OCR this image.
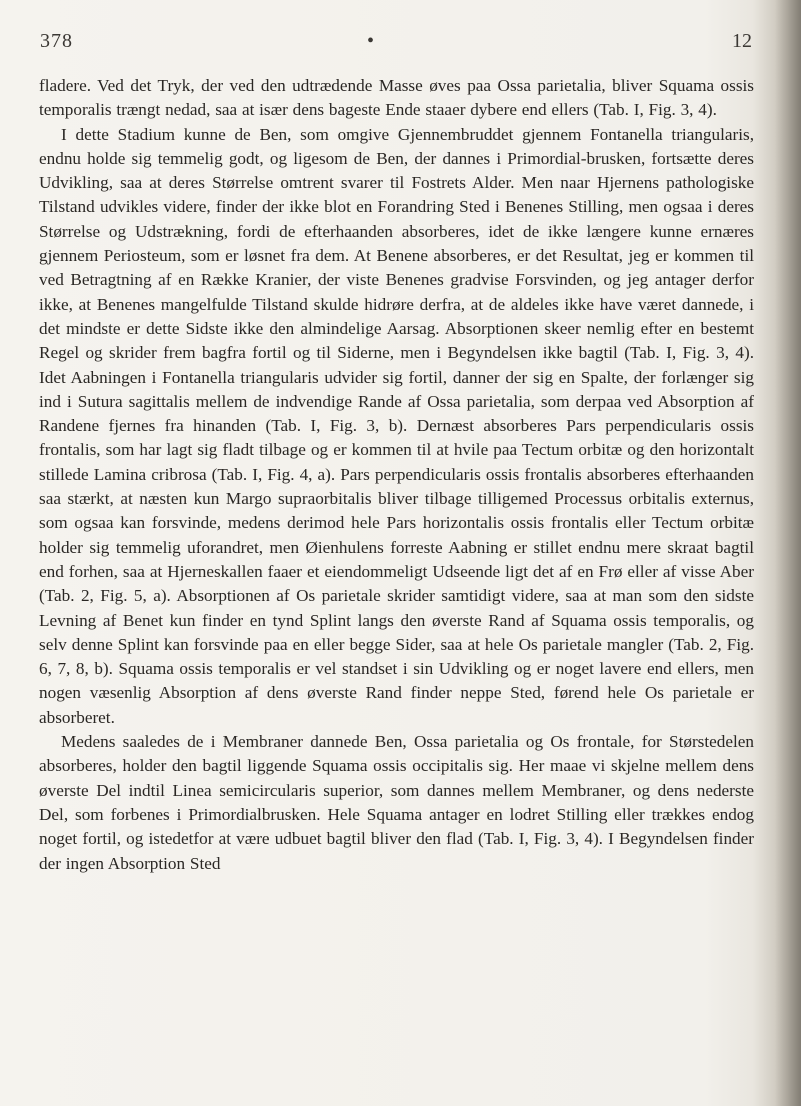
378	•	12

fladere. Ved det Tryk, der ved den udtrædende Masse øves paa Ossa parietalia, bliver Squama ossis temporalis trængt nedad, saa at især dens bageste Ende staaer dybere end ellers (Tab. I, Fig. 3, 4).

I dette Stadium kunne de Ben, som omgive Gjennembruddet gjennem Fontanella triangularis, endnu holde sig temmelig godt, og ligesom de Ben, der dannes i Primordial-brusken, fortsætte deres Udvikling, saa at deres Størrelse omtrent svarer til Fostrets Alder. Men naar Hjernens pathologiske Tilstand udvikles videre, finder der ikke blot en Forandring Sted i Benenes Stilling, men ogsaa i deres Størrelse og Udstrækning, fordi de efterhaanden absorberes, idet de ikke længere kunne ernæres gjennem Periosteum, som er løsnet fra dem. At Benene absorberes, er det Resultat, jeg er kommen til ved Betragtning af en Række Kranier, der viste Benenes gradvise Forsvinden, og jeg antager derfor ikke, at Benenes mangelfulde Tilstand skulde hidrøre derfra, at de aldeles ikke have været dannede, i det mindste er dette Sidste ikke den almindelige Aarsag. Absorptionen skeer nemlig efter en bestemt Regel og skrider frem bagfra fortil og til Siderne, men i Begyndelsen ikke bagtil (Tab. I, Fig. 3, 4). Idet Aabningen i Fontanella triangularis udvider sig fortil, danner der sig en Spalte, der forlænger sig ind i Sutura sagittalis mellem de indvendige Rande af Ossa parietalia, som derpaa ved Absorption af Randene fjernes fra hinanden (Tab. I, Fig. 3, b). Dernæst absorberes Pars perpendicularis ossis frontalis, som har lagt sig fladt tilbage og er kommen til at hvile paa Tectum orbitæ og den horizontalt stillede Lamina cribrosa (Tab. I, Fig. 4, a). Pars perpendicularis ossis frontalis absorberes efterhaanden saa stærkt, at næsten kun Margo supraorbitalis bliver tilbage tilligemed Processus orbitalis externus, som ogsaa kan forsvinde, medens derimod hele Pars horizontalis ossis frontalis eller Tectum orbitæ holder sig temmelig uforandret, men Øienhulens forreste Aabning er stillet endnu mere skraat bagtil end forhen, saa at Hjerneskallen faaer et eiendommeligt Udseende ligt det af en Frø eller af visse Aber (Tab. 2, Fig. 5, a). Absorptionen af Os parietale skrider samtidigt videre, saa at man som den sidste Levning af Benet kun finder en tynd Splint langs den øverste Rand af Squama ossis temporalis, og selv denne Splint kan forsvinde paa en eller begge Sider, saa at hele Os parietale mangler (Tab. 2, Fig. 6, 7, 8, b). Squama ossis temporalis er vel standset i sin Udvikling og er noget lavere end ellers, men nogen væsenlig Absorption af dens øverste Rand finder neppe Sted, førend hele Os parietale er absorberet.

Medens saaledes de i Membraner dannede Ben, Ossa parietalia og Os frontale, for Størstedelen absorberes, holder den bagtil liggende Squama ossis occipitalis sig. Her maae vi skjelne mellem dens øverste Del indtil Linea semicircularis superior, som dannes mellem Membraner, og dens nederste Del, som forbenes i Primordialbrusken. Hele Squama antager en lodret Stilling eller trækkes endog noget fortil, og istedetfor at være udbuet bagtil bliver den flad (Tab. I, Fig. 3, 4). I Begyndelsen finder der ingen Absorption Sted
